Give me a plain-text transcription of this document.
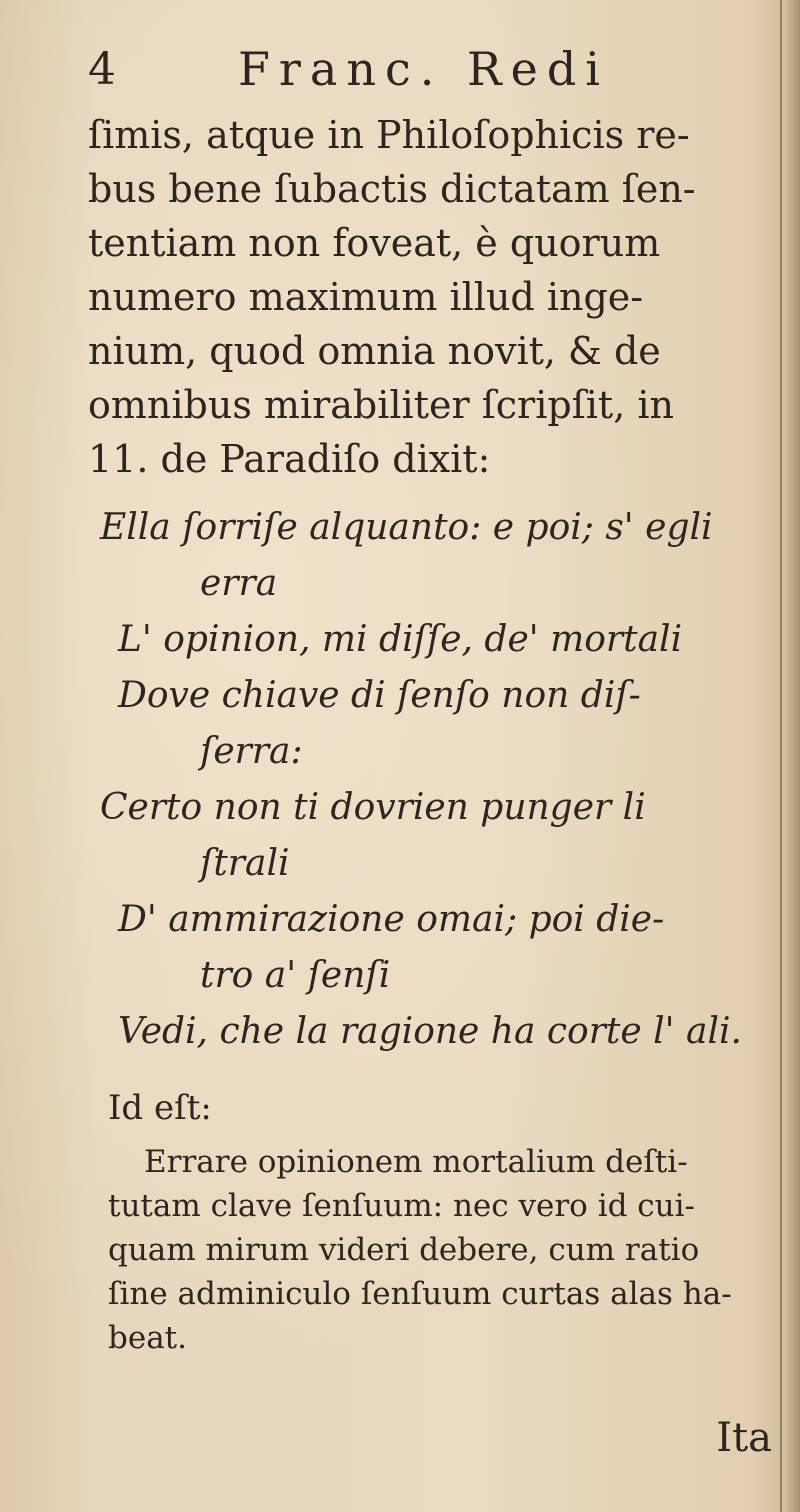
4	Franc. Redi
ſimis, atque in Philoſophicis re-
bus bene ſubactis dictatam ſen-
tentiam non foveat, è quorum
numero maximum illud inge-
nium, quod omnia novit, & de
omnibus mirabiliter ſcripſit, in
11. de Paradiſo dixit:
Ella ſorriſe alquanto: e poi; s' egli
erra
L' opinion, mi diſſe, de' mortali
Dove chiave di ſenſo non diſ-
ſerra:
Certo non ti dovrien punger li
ſtrali
D' ammirazione omai; poi die-
tro a' ſenſi
Vedi, che la ragione ha corte l' ali.
Id eſt:
Errare opinionem mortalium deſti-
tutam clave ſenſuum: nec vero id cui-
quam mirum videri debere, cum ratio
ſine adminiculo ſenſuum curtas alas ha-
beat.
Ita
